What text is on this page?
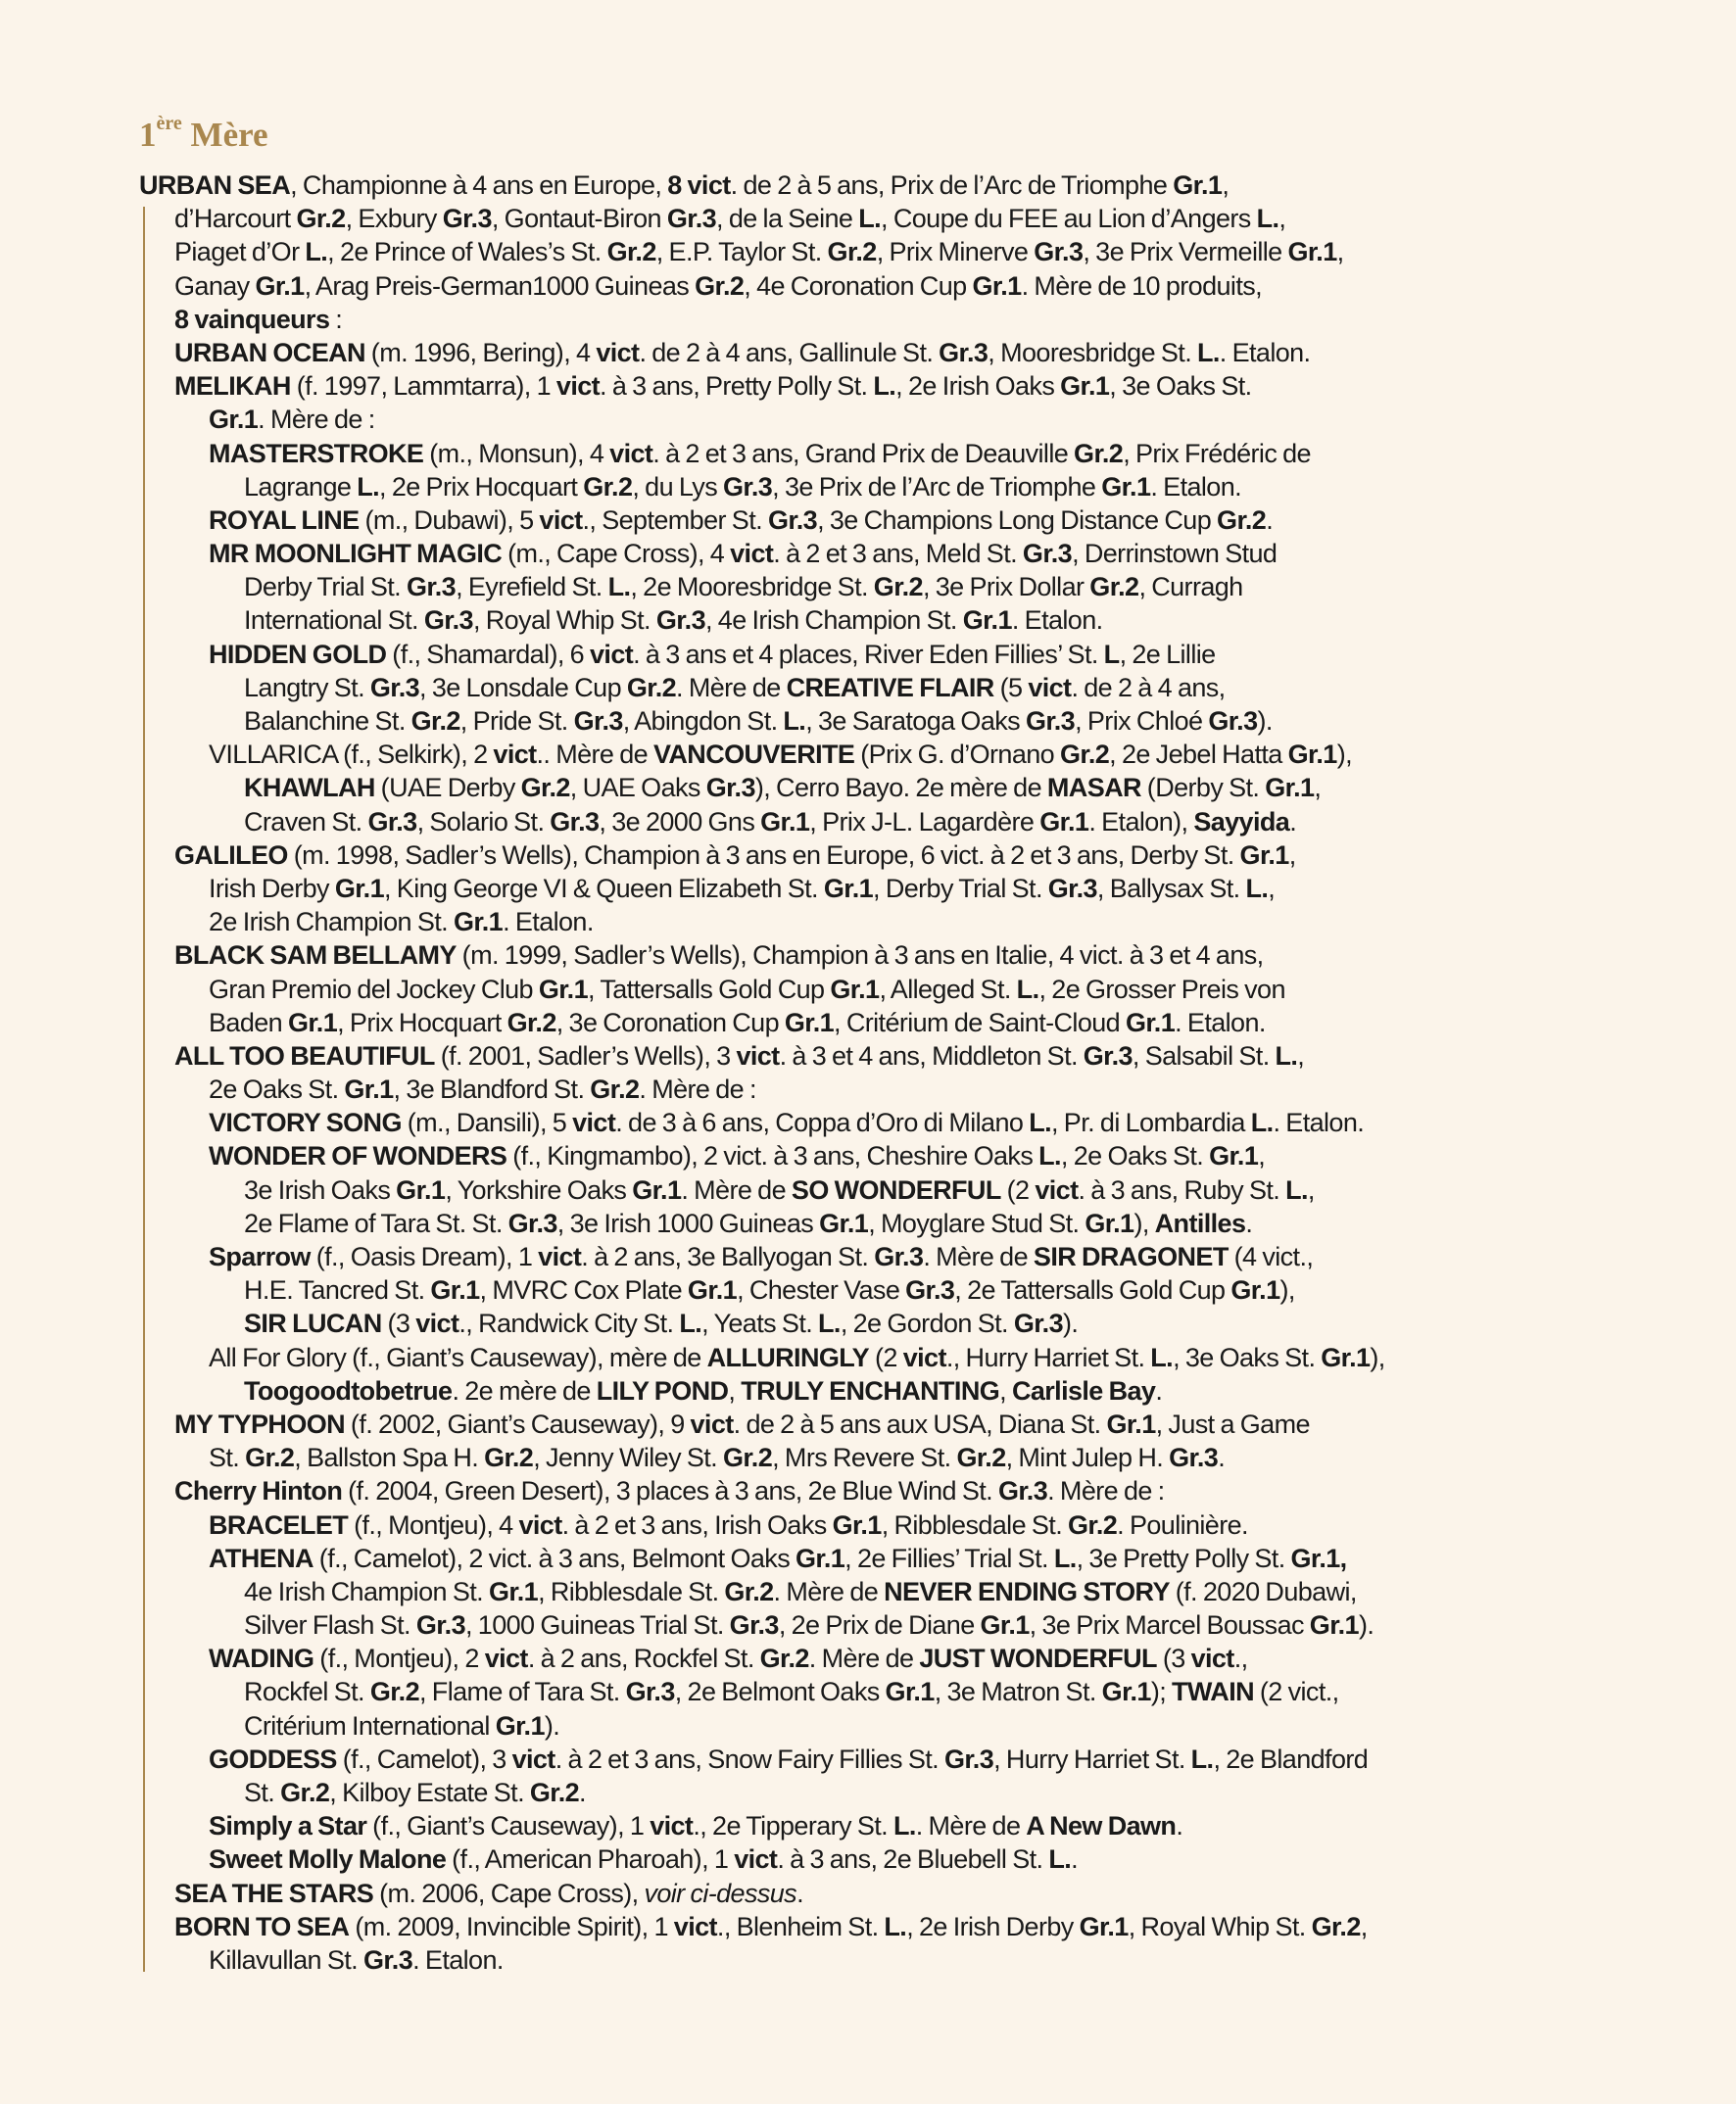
1ère Mère
URBAN SEA, Championne à 4 ans en Europe, 8 vict. de 2 à 5 ans, Prix de l’Arc de Triomphe Gr.1,
d’Harcourt Gr.2, Exbury Gr.3, Gontaut-Biron Gr.3, de la Seine L., Coupe du FEE au Lion d’Angers L.,
Piaget d’Or L., 2e Prince of Wales’s St. Gr.2, E.P. Taylor St. Gr.2, Prix Minerve Gr.3, 3e Prix Vermeille Gr.1,
Ganay Gr.1, Arag Preis-German1000 Guineas Gr.2, 4e Coronation Cup Gr.1. Mère de 10 produits,
8 vainqueurs :
URBAN OCEAN (m. 1996, Bering), 4 vict. de 2 à 4 ans, Gallinule St. Gr.3, Mooresbridge St. L.. Etalon.
MELIKAH (f. 1997, Lammtarra), 1 vict. à 3 ans, Pretty Polly St. L., 2e Irish Oaks Gr.1, 3e Oaks St.
Gr.1. Mère de :
MASTERSTROKE (m., Monsun), 4 vict. à 2 et 3 ans, Grand Prix de Deauville Gr.2, Prix Frédéric de
Lagrange L., 2e Prix Hocquart Gr.2, du Lys Gr.3, 3e Prix de l’Arc de Triomphe Gr.1. Etalon.
ROYAL LINE (m., Dubawi), 5 vict., September St. Gr.3, 3e Champions Long Distance Cup Gr.2.
MR MOONLIGHT MAGIC (m., Cape Cross), 4 vict. à 2 et 3 ans, Meld St. Gr.3, Derrinstown Stud
Derby Trial St. Gr.3, Eyrefield St. L., 2e Mooresbridge St. Gr.2, 3e Prix Dollar Gr.2, Curragh
International St. Gr.3, Royal Whip St. Gr.3, 4e Irish Champion St. Gr.1. Etalon.
HIDDEN GOLD (f., Shamardal), 6 vict. à 3 ans et 4 places, River Eden Fillies’ St. L, 2e Lillie
Langtry St. Gr.3, 3e Lonsdale Cup Gr.2. Mère de CREATIVE FLAIR (5 vict. de 2 à 4 ans,
Balanchine St. Gr.2, Pride St. Gr.3, Abingdon St. L., 3e Saratoga Oaks Gr.3, Prix Chloé Gr.3).
VILLARICA (f., Selkirk), 2 vict.. Mère de VANCOUVERITE (Prix G. d’Ornano Gr.2, 2e Jebel Hatta Gr.1),
KHAWLAH (UAE Derby Gr.2, UAE Oaks Gr.3), Cerro Bayo. 2e mère de MASAR (Derby St. Gr.1,
Craven St. Gr.3, Solario St. Gr.3, 3e 2000 Gns Gr.1, Prix J-L. Lagardère Gr.1. Etalon), Sayyida.
GALILEO (m. 1998, Sadler’s Wells), Champion à 3 ans en Europe, 6 vict. à 2 et 3 ans, Derby St. Gr.1,
Irish Derby Gr.1, King George VI & Queen Elizabeth St. Gr.1, Derby Trial St. Gr.3, Ballysax St. L.,
2e Irish Champion St. Gr.1. Etalon.
BLACK SAM BELLAMY (m. 1999, Sadler’s Wells), Champion à 3 ans en Italie, 4 vict. à 3 et 4 ans,
Gran Premio del Jockey Club Gr.1, Tattersalls Gold Cup Gr.1, Alleged St. L., 2e Grosser Preis von
Baden Gr.1, Prix Hocquart Gr.2, 3e Coronation Cup Gr.1, Critérium de Saint-Cloud Gr.1. Etalon.
ALL TOO BEAUTIFUL (f. 2001, Sadler’s Wells), 3 vict. à 3 et 4 ans, Middleton St. Gr.3, Salsabil St. L.,
2e Oaks St. Gr.1, 3e Blandford St. Gr.2. Mère de :
VICTORY SONG (m., Dansili), 5 vict. de 3 à 6 ans, Coppa d’Oro di Milano L., Pr. di Lombardia L.. Etalon.
WONDER OF WONDERS (f., Kingmambo), 2 vict. à 3 ans, Cheshire Oaks L., 2e Oaks St. Gr.1,
3e Irish Oaks Gr.1, Yorkshire Oaks Gr.1. Mère de SO WONDERFUL (2 vict. à 3 ans, Ruby St. L.,
2e Flame of Tara St. St. Gr.3, 3e Irish 1000 Guineas Gr.1, Moyglare Stud St. Gr.1), Antilles.
Sparrow (f., Oasis Dream), 1 vict. à 2 ans, 3e Ballyogan St. Gr.3. Mère de SIR DRAGONET (4 vict.,
H.E. Tancred St. Gr.1, MVRC Cox Plate Gr.1, Chester Vase Gr.3, 2e Tattersalls Gold Cup Gr.1),
SIR LUCAN (3 vict., Randwick City St. L., Yeats St. L., 2e Gordon St. Gr.3).
All For Glory (f., Giant’s Causeway), mère de ALLURINGLY (2 vict., Hurry Harriet St. L., 3e Oaks St. Gr.1),
Toogoodtobetrue. 2e mère de LILY POND, TRULY ENCHANTING, Carlisle Bay.
MY TYPHOON (f. 2002, Giant’s Causeway), 9 vict. de 2 à 5 ans aux USA, Diana St. Gr.1, Just a Game
St. Gr.2, Ballston Spa H. Gr.2, Jenny Wiley St. Gr.2, Mrs Revere St. Gr.2, Mint Julep H. Gr.3.
Cherry Hinton (f. 2004, Green Desert), 3 places à 3 ans, 2e Blue Wind St. Gr.3. Mère de :
BRACELET (f., Montjeu), 4 vict. à 2 et 3 ans, Irish Oaks Gr.1, Ribblesdale St. Gr.2. Poulinière.
ATHENA (f., Camelot), 2 vict. à 3 ans, Belmont Oaks Gr.1, 2e Fillies’ Trial St. L., 3e Pretty Polly St. Gr.1,
4e Irish Champion St. Gr.1, Ribblesdale St. Gr.2. Mère de NEVER ENDING STORY (f. 2020 Dubawi,
Silver Flash St. Gr.3, 1000 Guineas Trial St. Gr.3, 2e Prix de Diane Gr.1, 3e Prix Marcel Boussac Gr.1).
WADING (f., Montjeu), 2 vict. à 2 ans, Rockfel St. Gr.2. Mère de JUST WONDERFUL (3 vict.,
Rockfel St. Gr.2, Flame of Tara St. Gr.3, 2e Belmont Oaks Gr.1, 3e Matron St. Gr.1); TWAIN (2 vict.,
Critérium International Gr.1).
GODDESS (f., Camelot), 3 vict. à 2 et 3 ans, Snow Fairy Fillies St. Gr.3, Hurry Harriet St. L., 2e Blandford
St. Gr.2, Kilboy Estate St. Gr.2.
Simply a Star (f., Giant’s Causeway), 1 vict., 2e Tipperary St. L.. Mère de A New Dawn.
Sweet Molly Malone (f., American Pharoah), 1 vict. à 3 ans, 2e Bluebell St. L..
SEA THE STARS (m. 2006, Cape Cross), voir ci-dessus.
BORN TO SEA (m. 2009, Invincible Spirit), 1 vict., Blenheim St. L., 2e Irish Derby Gr.1, Royal Whip St. Gr.2,
Killavullan St. Gr.3. Etalon.
